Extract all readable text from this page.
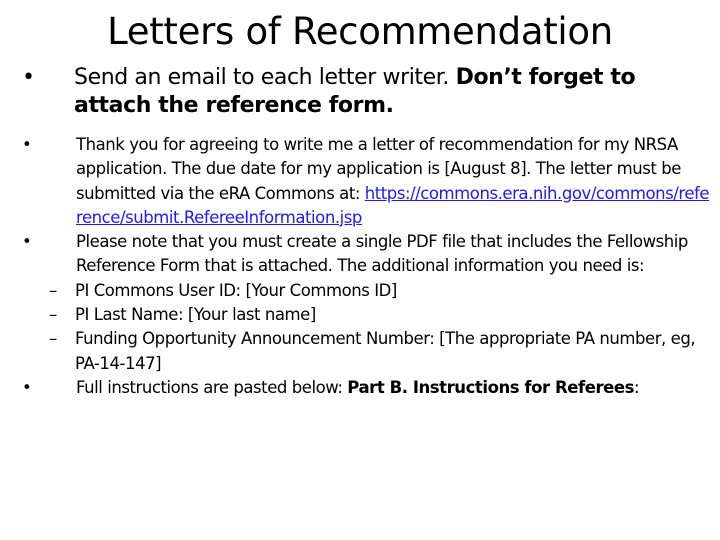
Letters of Recommendation
•	Send an email to each letter writer. Don’t forget to attach the reference form.
•	Thank you for agreeing to write me a letter of recommendation for my NRSA application. The due date for my application is [August 8]. The letter must be submitted via the eRA Commons at: https://commons.era.nih.gov/commons/reference/submit.RefereeInformation.jsp
•	Please note that you must create a single PDF file that includes the Fellowship Reference Form that is attached. The additional information you need is:
– PI Commons User ID: [Your Commons ID]
– PI Last Name: [Your last name]
– Funding Opportunity Announcement Number: [The appropriate PA number, eg, PA-14-147]
•	Full instructions are pasted below: Part B. Instructions for Referees:
